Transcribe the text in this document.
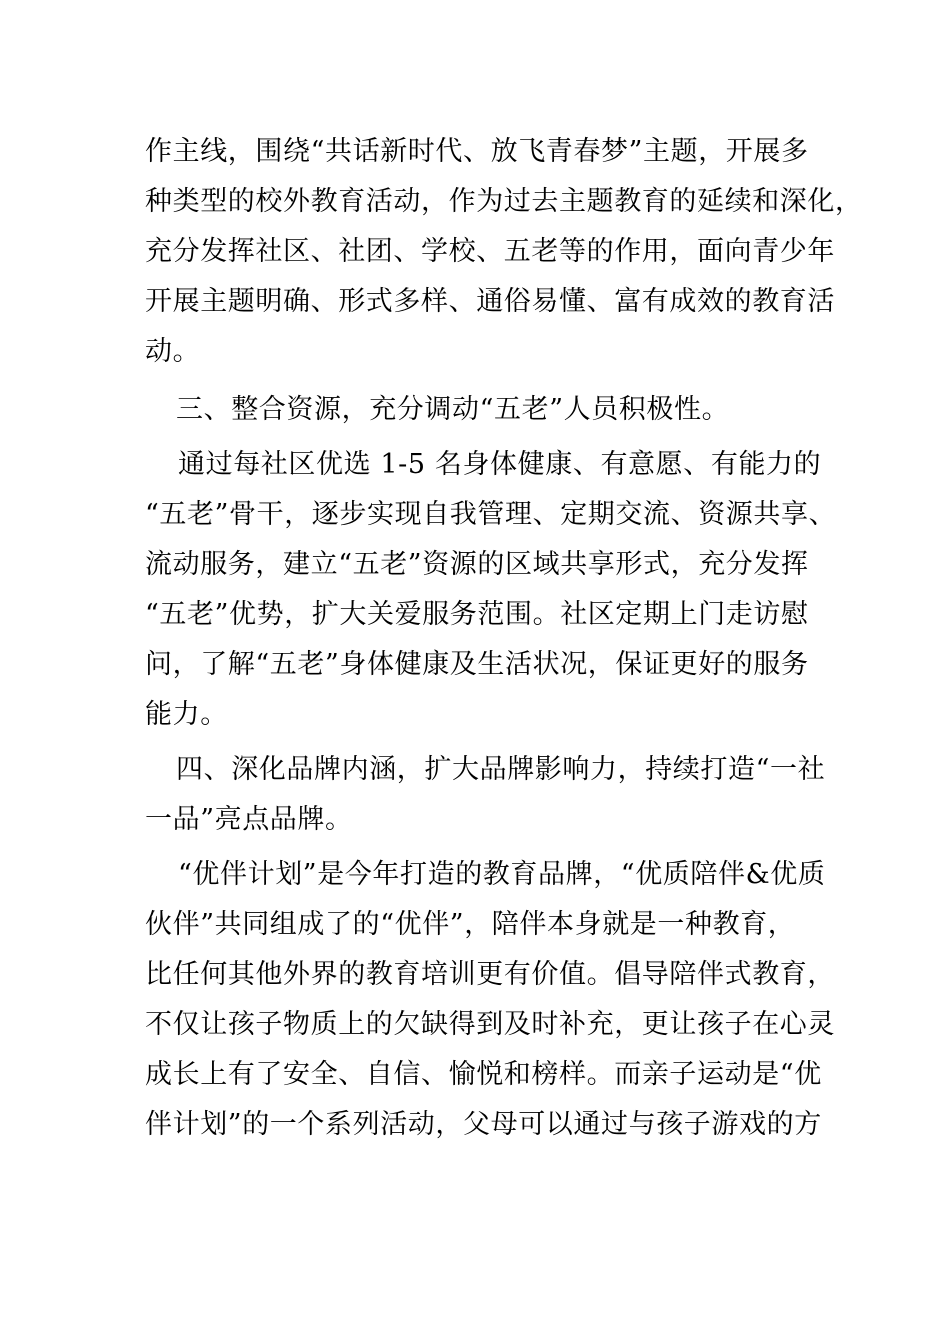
作主线，围绕“共话新时代、放飞青春梦”主题，开展多
种类型的校外教育活动，作为过去主题教育的延续和深化，
充分发挥社区、社团、学校、五老等的作用，面向青少年
开展主题明确、形式多样、通俗易懂、富有成效的教育活
动。
三、整合资源，充分调动“五老”人员积极性。
通过每社区优选 1-5 名身体健康、有意愿、有能力的
“五老”骨干，逐步实现自我管理、定期交流、资源共享、
流动服务，建立“五老”资源的区域共享形式，充分发挥
“五老”优势，扩大关爱服务范围。社区定期上门走访慰
问，了解“五老”身体健康及生活状况，保证更好的服务
能力。
四、深化品牌内涵，扩大品牌影响力，持续打造“一社
一品”亮点品牌。
“优伴计划”是今年打造的教育品牌，“优质陪伴&优质
伙伴”共同组成了的“优伴”，陪伴本身就是一种教育，
比任何其他外界的教育培训更有价值。倡导陪伴式教育，
不仅让孩子物质上的欠缺得到及时补充，更让孩子在心灵
成长上有了安全、自信、愉悦和榜样。而亲子运动是“优
伴计划”的一个系列活动，父母可以通过与孩子游戏的方
